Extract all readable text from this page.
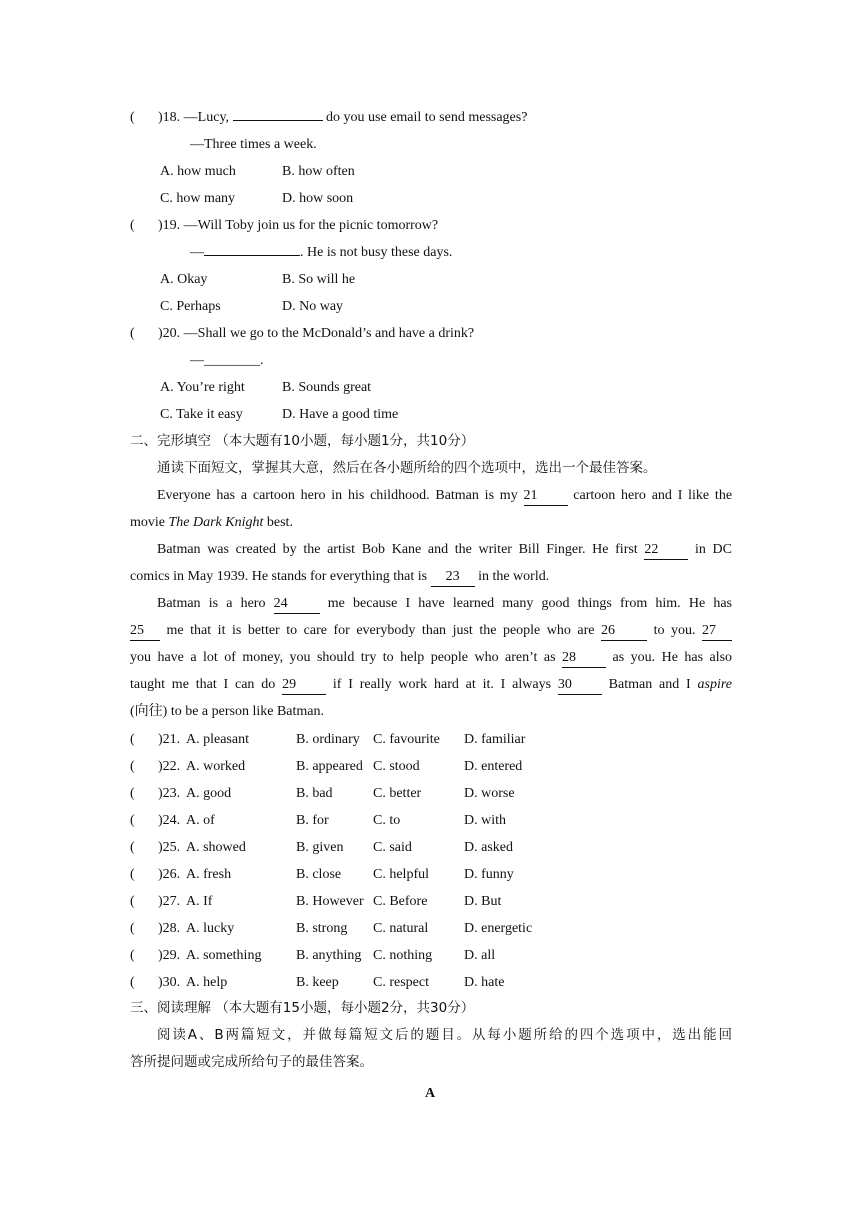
( )18. —Lucy,	do you use email to send messages?
—Three times a week.
A. how much	B. how often
C. how many	D. how soon
( )19. —Will Toby join us for the picnic tomorrow?
—	. He is not busy these days.
A. Okay	B. So will he
C. Perhaps	D. No way
( )20. —Shall we go to the McDonald’s and have a drink?
—________.
A. You’re right	B. Sounds great
C. Take it easy	D. Have a good time
二、完形填空 （本大题有10小题，每小题1分，共10分）
通读下面短文，掌握其大意，然后在各小题所给的四个选项中，选出一个最佳答案。
Everyone has a cartoon hero in his childhood. Batman is my 21	cartoon hero and I like the
movie The Dark Knight best.
Batman was created by the artist Bob Kane and the writer Bill Finger. He first 22	in DC
comics in May 1939. He stands for everything that is 23 in the world.
Batman is a hero 24	me because I have learned many good things from him. He has
25 me that it is better to care for everybody than just the people who are 26	to you. 27
you have a lot of money, you should try to help people who aren’t as 28	as you. He has also
taught me that I can do 29	if I really work hard at it. I always 30	Batman and I aspire
(向往) to be a person like Batman.
( )21. A. pleasant	B. ordinary C. favourite D. familiar
( )22. A. worked	B. appeared C. stood	D. entered
( )23. A. good	B. bad	C. better	D. worse
( )24. A. of	B. for	C. to	D. with
( )25. A. showed	B. given C. said	D. asked
( )26. A. fresh	B. close C. helpful	D. funny
( )27. A. If	B. However C. Before	D. But
( )28. A. lucky	B. strong C. natural	D. energetic
( )29. A. something B. anything C. nothing D. all
( )30. A. help	B. keep C. respect	D. hate
三、阅读理解 （本大题有15小题，每小题2分，共30分）
阅读A、B两篇短文，并做每篇短文后的题目。从每小题所给的四个选项中，选出能回
答所提问题或完成所给句子的最佳答案。
A
